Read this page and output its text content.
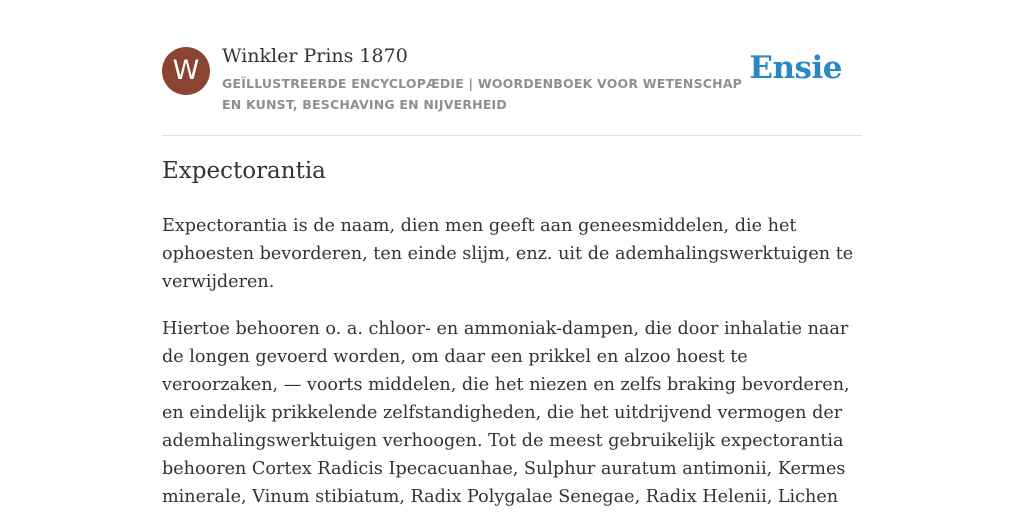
W	Winkler Prins 1870
GEÏLLUSTREERDE ENCYCLOPÆDIE | WOORDENBOEK VOOR WETENSCHAP EN KUNST, BESCHAVING EN NIJVERHEID
Ensie
Expectorantia

Expectorantia is de naam, dien men geeft aan geneesmiddelen, die het ophoesten bevorderen, ten einde slijm, enz. uit de ademhalingswerktuigen te verwijderen.

Hiertoe behooren o. a. chloor- en ammoniak-dampen, die door inhalatie naar de longen gevoerd worden, om daar een prikkel en alzoo hoest te veroorzaken, — voorts middelen, die het niezen en zelfs braking bevorderen, en eindelijk prikkelende zelfstandigheden, die het uitdrijvend vermogen der ademhalingswerktuigen verhoogen. Tot de meest gebruikelijk expectorantia behooren Cortex Radicis Ipecacuanhae, Sulphur auratum antimonii, Kermes minerale, Vinum stibiatum, Radix Polygalae Senegae, Radix Helenii, Lichen
